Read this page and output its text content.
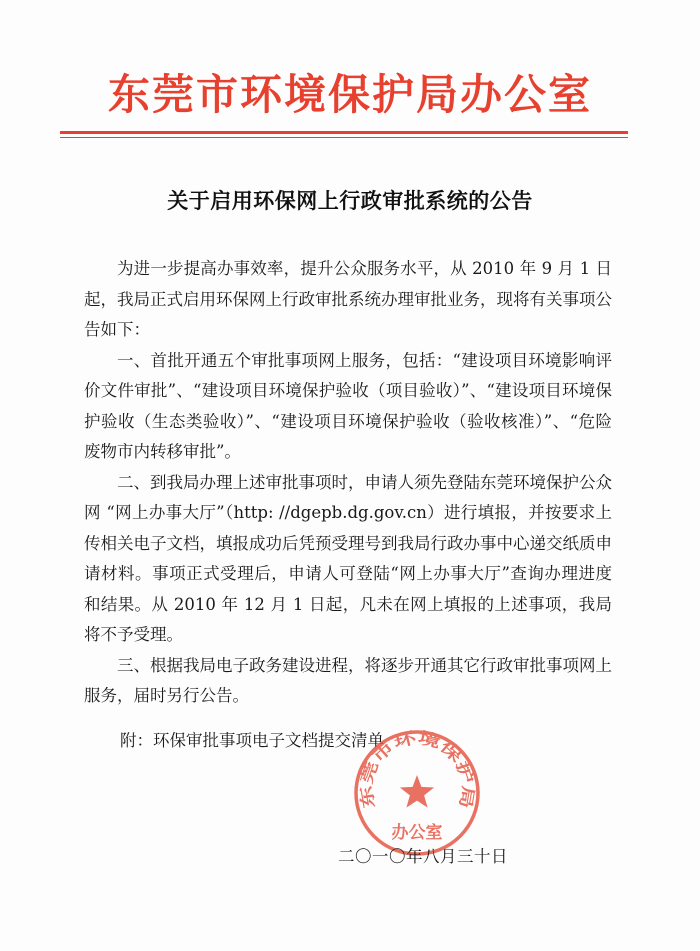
东莞市环境保护局办公室
关于启用环保网上行政审批系统的公告

为进一步提高办事效率，提升公众服务水平，从 2010 年 9 月 1 日起，我局正式启用环保网上行政审批系统办理审批业务，现将有关事项公告如下：

一、首批开通五个审批事项网上服务，包括：“建设项目环境影响评价文件审批”、“建设项目环境保护验收（项目验收）”、“建设项目环境保护验收（生态类验收）”、“建设项目环境保护验收（验收核准）”、“危险废物市内转移审批”。

二、到我局办理上述审批事项时，申请人须先登陆东莞环境保护公众网 “网上办事大厅”（http: //dgepb.dg.gov.cn）进行填报，并按要求上传相关电子文档，填报成功后凭预受理号到我局行政办事中心递交纸质申请材料。事项正式受理后，申请人可登陆“网上办事大厅”查询办理进度和结果。从 2010 年 12 月 1 日起，凡未在网上填报的上述事项，我局将不予受理。

三、根据我局电子政务建设进程，将逐步开通其它行政审批事项网上服务，届时另行公告。

附：环保审批事项电子文档提交清单
东莞市环境保护局
办公室
二〇一〇年八月三十日
